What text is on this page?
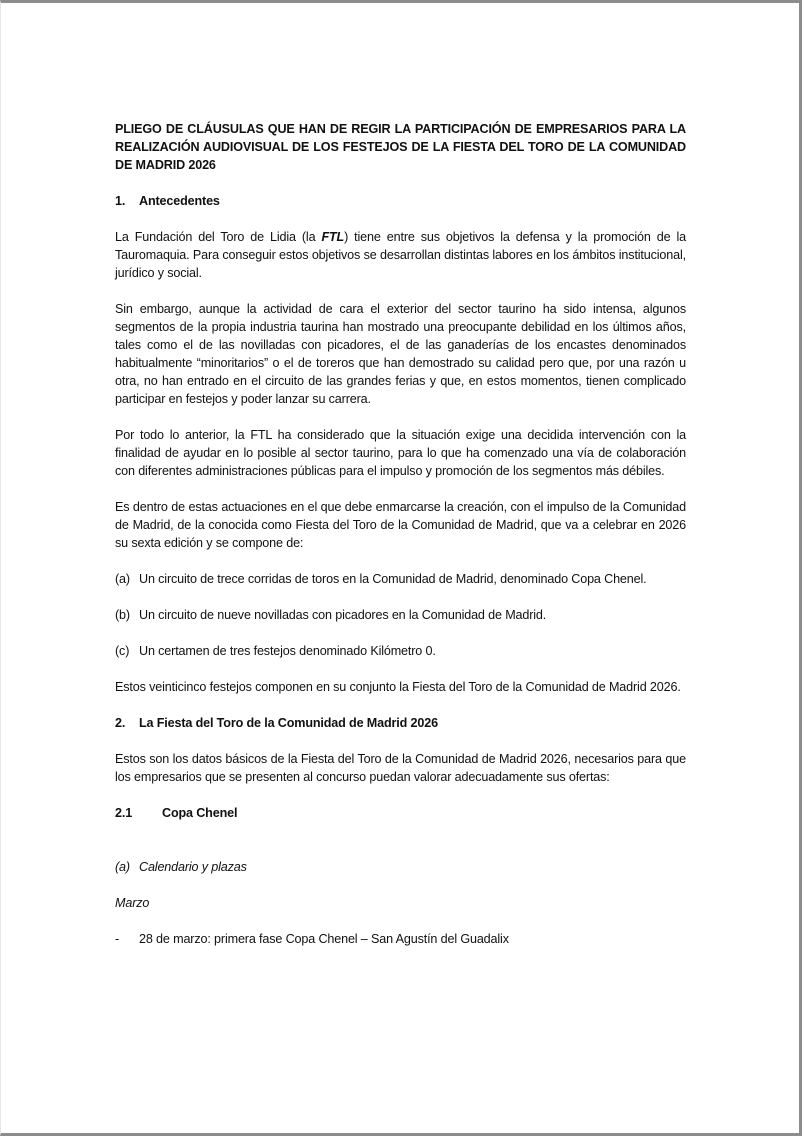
PLIEGO DE CLÁUSULAS QUE HAN DE REGIR LA PARTICIPACIÓN DE EMPRESARIOS PARA LA REALIZACIÓN AUDIOVISUAL DE LOS FESTEJOS DE LA FIESTA DEL TORO DE LA COMUNIDAD DE MADRID 2026

1.	Antecedentes

La Fundación del Toro de Lidia (la FTL) tiene entre sus objetivos la defensa y la promoción de la Tauromaquia. Para conseguir estos objetivos se desarrollan distintas labores en los ámbitos institucional, jurídico y social.

Sin embargo, aunque la actividad de cara el exterior del sector taurino ha sido intensa, algunos segmentos de la propia industria taurina han mostrado una preocupante debilidad en los últimos años, tales como el de las novilladas con picadores, el de las ganaderías de los encastes denominados habitualmente “minoritarios” o el de toreros que han demostrado su calidad pero que, por una razón u otra, no han entrado en el circuito de las grandes ferias y que, en estos momentos, tienen complicado participar en festejos y poder lanzar su carrera.

Por todo lo anterior, la FTL ha considerado que la situación exige una decidida intervención con la finalidad de ayudar en lo posible al sector taurino, para lo que ha comenzado una vía de colaboración con diferentes administraciones públicas para el impulso y promoción de los segmentos más débiles.

Es dentro de estas actuaciones en el que debe enmarcarse la creación, con el impulso de la Comunidad de Madrid, de la conocida como Fiesta del Toro de la Comunidad de Madrid, que va a celebrar en 2026 su sexta edición y se compone de:

(a) Un circuito de trece corridas de toros en la Comunidad de Madrid, denominado Copa Chenel.
(b) Un circuito de nueve novilladas con picadores en la Comunidad de Madrid.
(c) Un certamen de tres festejos denominado Kilómetro 0.

Estos veinticinco festejos componen en su conjunto la Fiesta del Toro de la Comunidad de Madrid 2026.

2.	La Fiesta del Toro de la Comunidad de Madrid 2026

Estos son los datos básicos de la Fiesta del Toro de la Comunidad de Madrid 2026, necesarios para que los empresarios que se presenten al concurso puedan valorar adecuadamente sus ofertas:

2.1	Copa Chenel
(a) Calendario y plazas

Marzo

-	28 de marzo: primera fase Copa Chenel – San Agustín del Guadalix
